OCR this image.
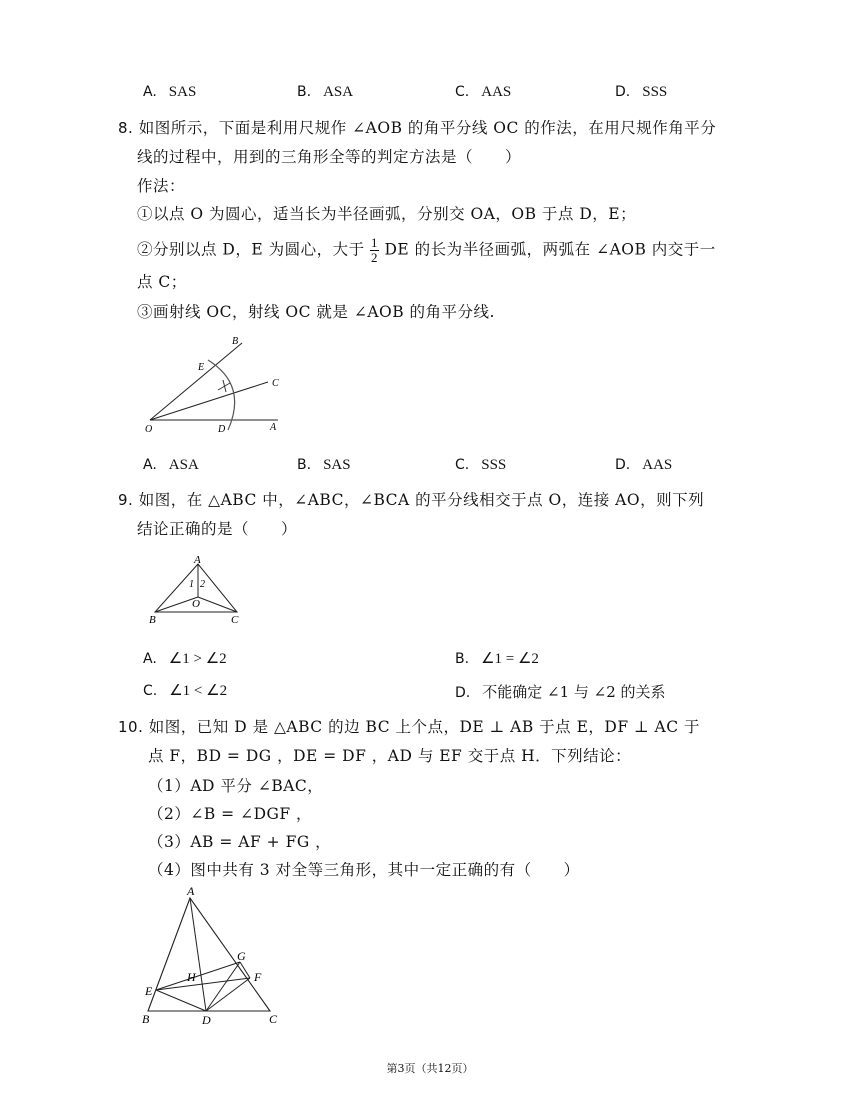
A. SAS	B. ASA	C. AAS	D. SSS
8. 如图所示，下面是利用尺规作 ∠AOB 的角平分线 OC 的作法，在用尺规作角平分
线的过程中，用到的三角形全等的判定方法是（　　）
作法：
①以点 O 为圆心，适当长为半径画弧，分别交 OA，OB 于点 D，E；
②分别以点 D，E 为圆心，大于 $\frac{1}{2}$ DE 的长为半径画弧，两弧在 ∠AOB 内交于一
点 C；
③画射线 OC，射线 OC 就是 ∠AOB 的角平分线.
B
E
C
O	D	A
A. ASA	B. SAS	C. SSS	D. AAS
9. 如图，在 △ABC 中，∠ABC，∠BCA 的平分线相交于点 O，连接 AO，则下列
结论正确的是（　　）
A
1 2
O
B	C
A. ∠1 > ∠2	B. ∠1 = ∠2
C. ∠1 < ∠2	D. 不能确定 ∠1 与 ∠2 的关系
10. 如图，已知 D 是 △ABC 的边 BC 上个点，DE ⊥ AB 于点 E，DF ⊥ AC 于
点 F，BD = DG ，DE = DF ，AD 与 EF 交于点 H．下列结论：
（1）AD 平分 ∠BAC，
（2）∠B = ∠DGF ，
（3）AB = AF + FG ，
（4）图中共有 3 对全等三角形，其中一定正确的有（　　）
A
G
H	F
E
B	D	C
第3页（共12页）
